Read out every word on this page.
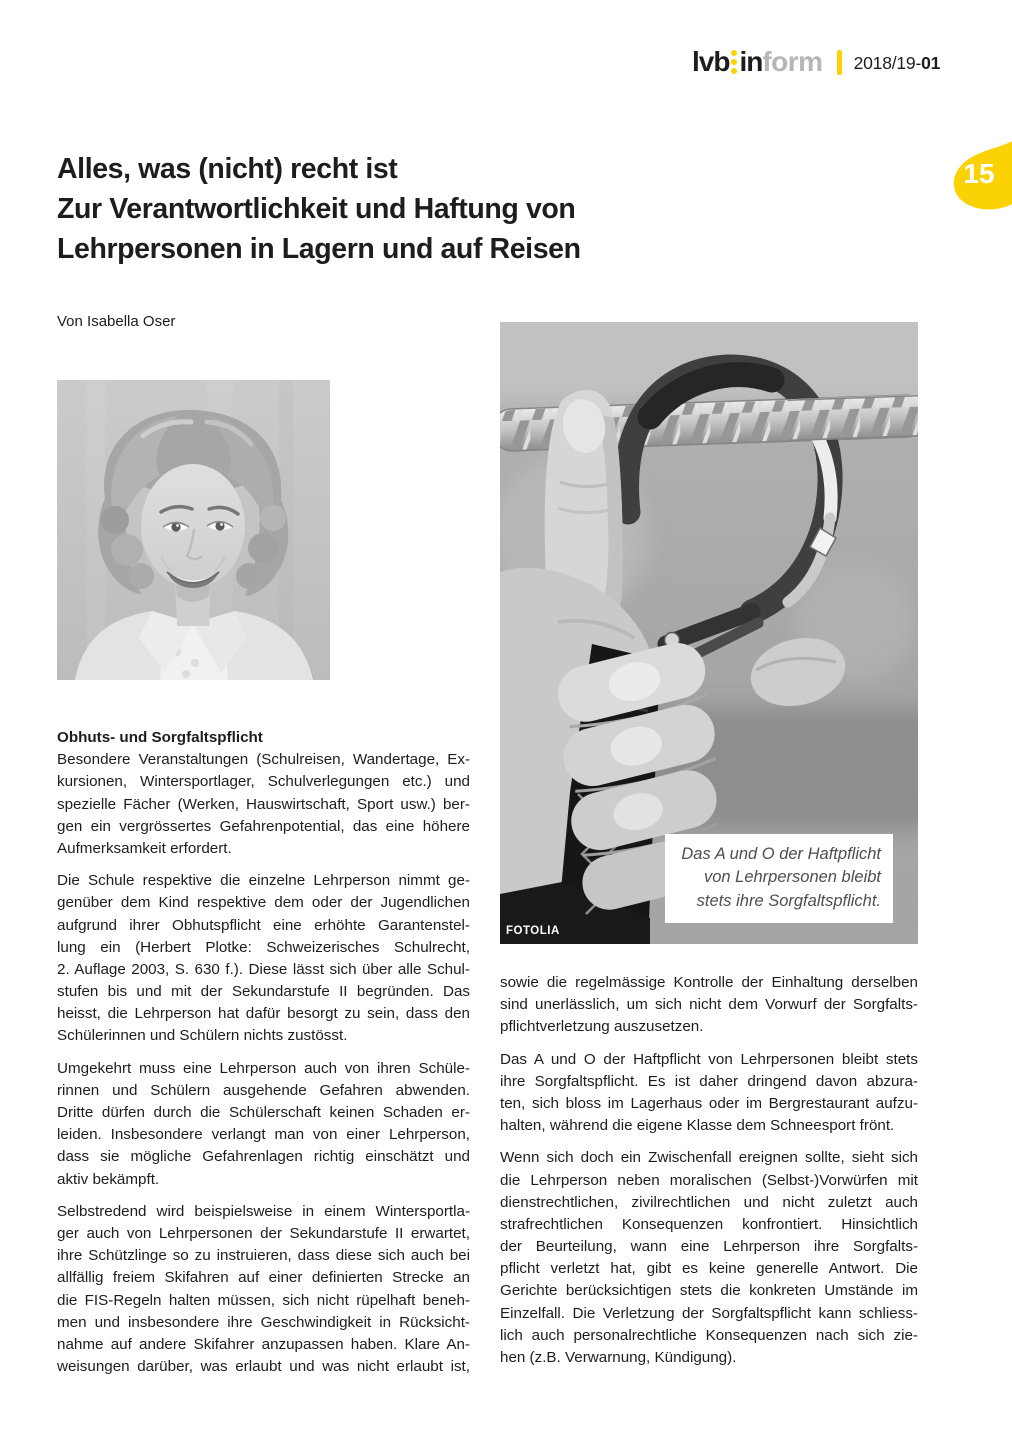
lvb in form 2018/19-01
15
Alles, was (nicht) recht ist
Zur Verantwortlichkeit und Haftung von
Lehrpersonen in Lagern und auf Reisen
Von Isabella Oser
Das A und O der Haftpflicht
von Lehrpersonen bleibt
stets ihre Sorgfaltspflicht.
FOTOLIA
Obhuts- und Sorgfaltspflicht
Besondere Veranstaltungen (Schulreisen, Wandertage, Ex-
kursionen, Wintersportlager, Schulverlegungen etc.) und
spezielle Fächer (Werken, Hauswirtschaft, Sport usw.) ber-
gen ein vergrössertes Gefahrenpotential, das eine höhere
Aufmerksamkeit erfordert.
Die Schule respektive die einzelne Lehrperson nimmt ge-
genüber dem Kind respektive dem oder der Jugendlichen
aufgrund ihrer Obhutspflicht eine erhöhte Garantenstel-
lung ein (Herbert Plotke: Schweizerisches Schulrecht,
2. Auflage 2003, S. 630 f.). Diese lässt sich über alle Schul-
stufen bis und mit der Sekundarstufe II begründen. Das
heisst, die Lehrperson hat dafür besorgt zu sein, dass den
Schülerinnen und Schülern nichts zustösst.
Umgekehrt muss eine Lehrperson auch von ihren Schüle-
rinnen und Schülern ausgehende Gefahren abwenden.
Dritte dürfen durch die Schülerschaft keinen Schaden er-
leiden. Insbesondere verlangt man von einer Lehrperson,
dass sie mögliche Gefahrenlagen richtig einschätzt und
aktiv bekämpft.
Selbstredend wird beispielsweise in einem Wintersportla-
ger auch von Lehrpersonen der Sekundarstufe II erwartet,
ihre Schützlinge so zu instruieren, dass diese sich auch bei
allfällig freiem Skifahren auf einer definierten Strecke an
die FIS-Regeln halten müssen, sich nicht rüpelhaft beneh-
men und insbesondere ihre Geschwindigkeit in Rücksicht-
nahme auf andere Skifahrer anzupassen haben. Klare An-
weisungen darüber, was erlaubt und was nicht erlaubt ist,
sowie die regelmässige Kontrolle der Einhaltung derselben
sind unerlässlich, um sich nicht dem Vorwurf der Sorgfalts-
pflichtverletzung auszusetzen.
Das A und O der Haftpflicht von Lehrpersonen bleibt stets
ihre Sorgfaltspflicht. Es ist daher dringend davon abzura-
ten, sich bloss im Lagerhaus oder im Bergrestaurant aufzu-
halten, während die eigene Klasse dem Schneesport frönt.
Wenn sich doch ein Zwischenfall ereignen sollte, sieht sich
die Lehrperson neben moralischen (Selbst-)Vorwürfen mit
dienstrechtlichen, zivilrechtlichen und nicht zuletzt auch
strafrechtlichen Konsequenzen konfrontiert. Hinsichtlich
der Beurteilung, wann eine Lehrperson ihre Sorgfalts-
pflicht verletzt hat, gibt es keine generelle Antwort. Die
Gerichte berücksichtigen stets die konkreten Umstände im
Einzelfall. Die Verletzung der Sorgfaltspflicht kann schliess-
lich auch personalrechtliche Konsequenzen nach sich zie-
hen (z.B. Verwarnung, Kündigung).
